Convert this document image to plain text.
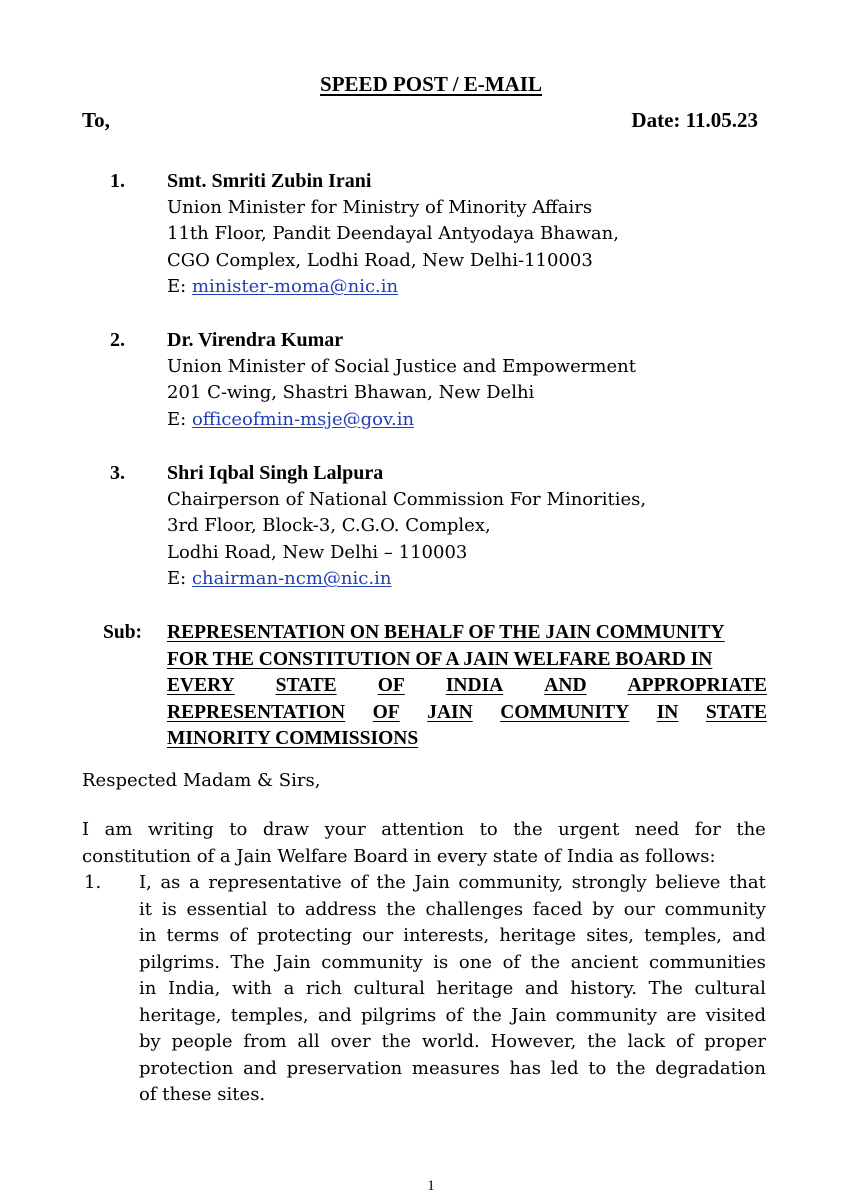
SPEED POST / E-MAIL
To,	Date: 11.05.23
1. Smt. Smriti Zubin Irani
Union Minister for Ministry of Minority Affairs
11th Floor, Pandit Deendayal Antyodaya Bhawan,
CGO Complex, Lodhi Road, New Delhi-110003
E: minister-moma@nic.in
2. Dr. Virendra Kumar
Union Minister of Social Justice and Empowerment
201 C-wing, Shastri Bhawan, New Delhi
E: officeofmin-msje@gov.in
3. Shri Iqbal Singh Lalpura
Chairperson of National Commission For Minorities,
3rd Floor, Block-3, C.G.O. Complex,
Lodhi Road, New Delhi – 110003
E: chairman-ncm@nic.in
Sub: REPRESENTATION ON BEHALF OF THE JAIN COMMUNITY
FOR THE CONSTITUTION OF A JAIN WELFARE BOARD IN
EVERY STATE OF INDIA AND APPROPRIATE
REPRESENTATION OF JAIN COMMUNITY IN STATE
MINORITY COMMISSIONS
Respected Madam & Sirs,
I am writing to draw your attention to the urgent need for the
constitution of a Jain Welfare Board in every state of India as follows:
1. I, as a representative of the Jain community, strongly believe that
it is essential to address the challenges faced by our community
in terms of protecting our interests, heritage sites, temples, and
pilgrims. The Jain community is one of the ancient communities
in India, with a rich cultural heritage and history. The cultural
heritage, temples, and pilgrims of the Jain community are visited
by people from all over the world. However, the lack of proper
protection and preservation measures has led to the degradation
of these sites.
1
